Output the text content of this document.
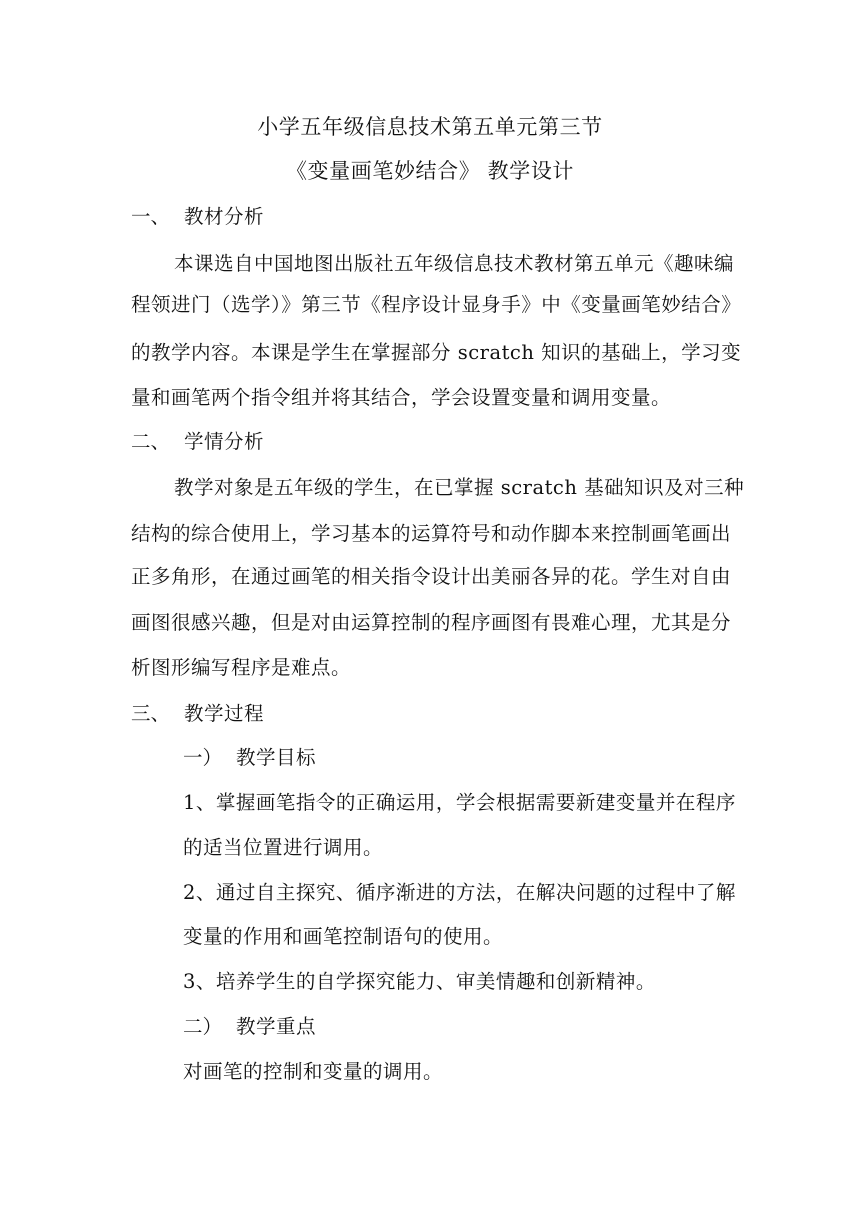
小学五年级信息技术第五单元第三节
《变量画笔妙结合》 教学设计
一、 教材分析
本课选自中国地图出版社五年级信息技术教材第五单元《趣味编
程领进门（选学）》第三节《程序设计显身手》中《变量画笔妙结合》
的教学内容。本课是学生在掌握部分 scratch 知识的基础上，学习变
量和画笔两个指令组并将其结合，学会设置变量和调用变量。
二、 学情分析
教学对象是五年级的学生，在已掌握 scratch 基础知识及对三种
结构的综合使用上，学习基本的运算符号和动作脚本来控制画笔画出
正多角形，在通过画笔的相关指令设计出美丽各异的花。学生对自由
画图很感兴趣，但是对由运算控制的程序画图有畏难心理，尤其是分
析图形编写程序是难点。
三、 教学过程
一） 教学目标
1、掌握画笔指令的正确运用，学会根据需要新建变量并在程序
的适当位置进行调用。
2、通过自主探究、循序渐进的方法，在解决问题的过程中了解
变量的作用和画笔控制语句的使用。
3、培养学生的自学探究能力、审美情趣和创新精神。
二） 教学重点
对画笔的控制和变量的调用。
